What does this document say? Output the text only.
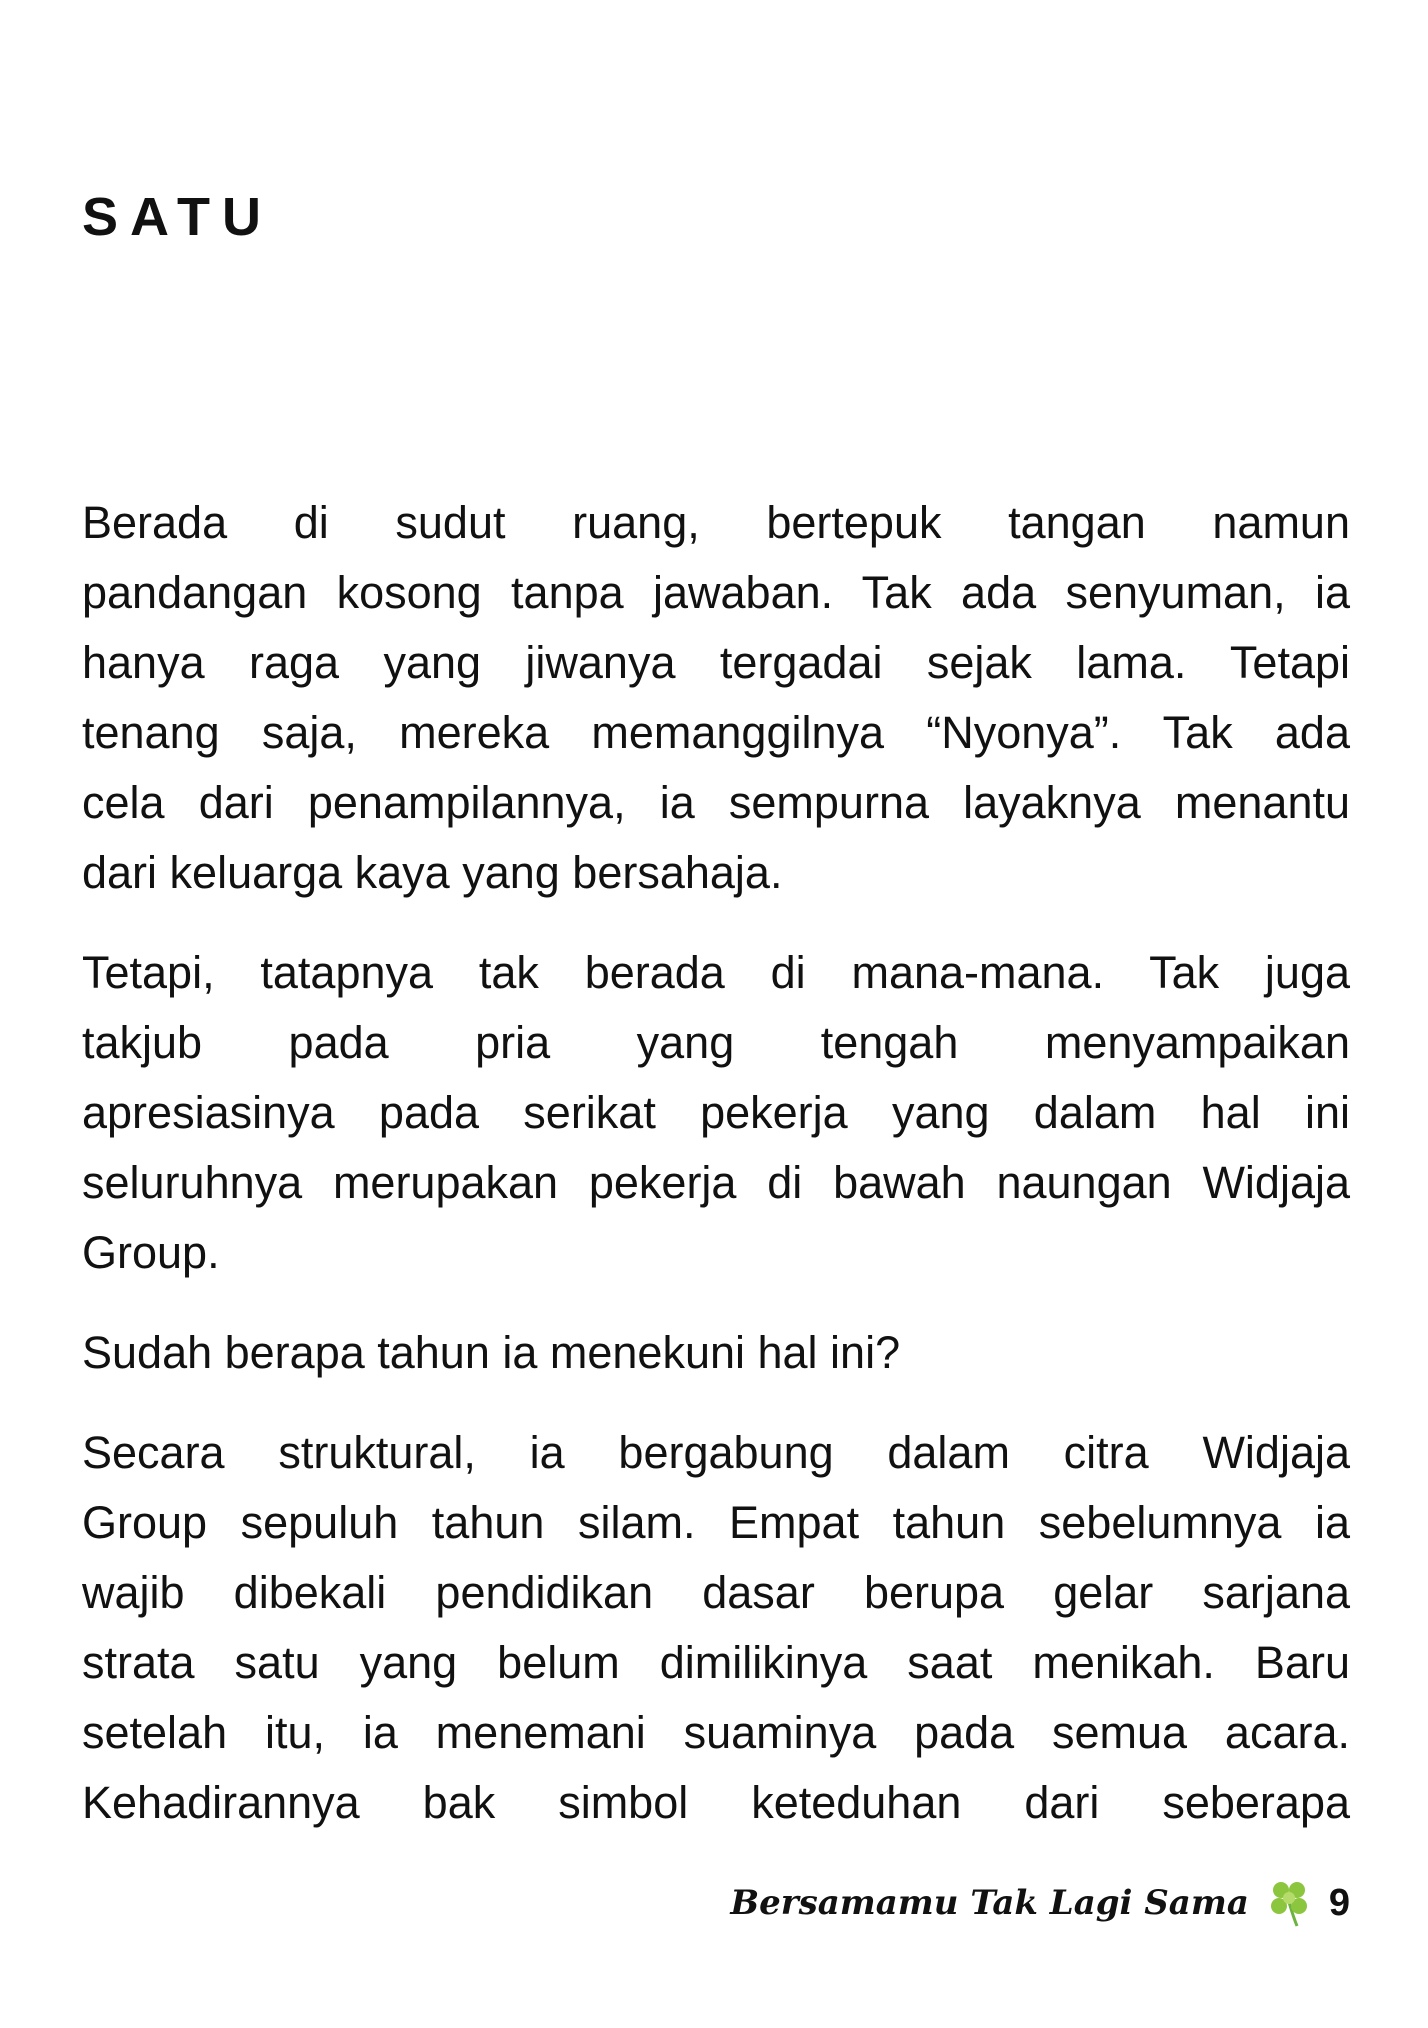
SATU

Berada di sudut ruang, bertepuk tangan namun
pandangan kosong tanpa jawaban. Tak ada senyuman, ia
hanya raga yang jiwanya tergadai sejak lama. Tetapi
tenang saja, mereka memanggilnya “Nyonya”. Tak ada
cela dari penampilannya, ia sempurna layaknya menantu
dari keluarga kaya yang bersahaja.

Tetapi, tatapnya tak berada di mana-mana. Tak juga
takjub pada pria yang tengah menyampaikan
apresiasinya pada serikat pekerja yang dalam hal ini
seluruhnya merupakan pekerja di bawah naungan Widjaja
Group.

Sudah berapa tahun ia menekuni hal ini?

Secara struktural, ia bergabung dalam citra Widjaja
Group sepuluh tahun silam. Empat tahun sebelumnya ia
wajib dibekali pendidikan dasar berupa gelar sarjana
strata satu yang belum dimilikinya saat menikah. Baru
setelah itu, ia menemani suaminya pada semua acara.
Kehadirannya bak simbol keteduhan dari seberapa

Bersamamu Tak Lagi Sama 9
